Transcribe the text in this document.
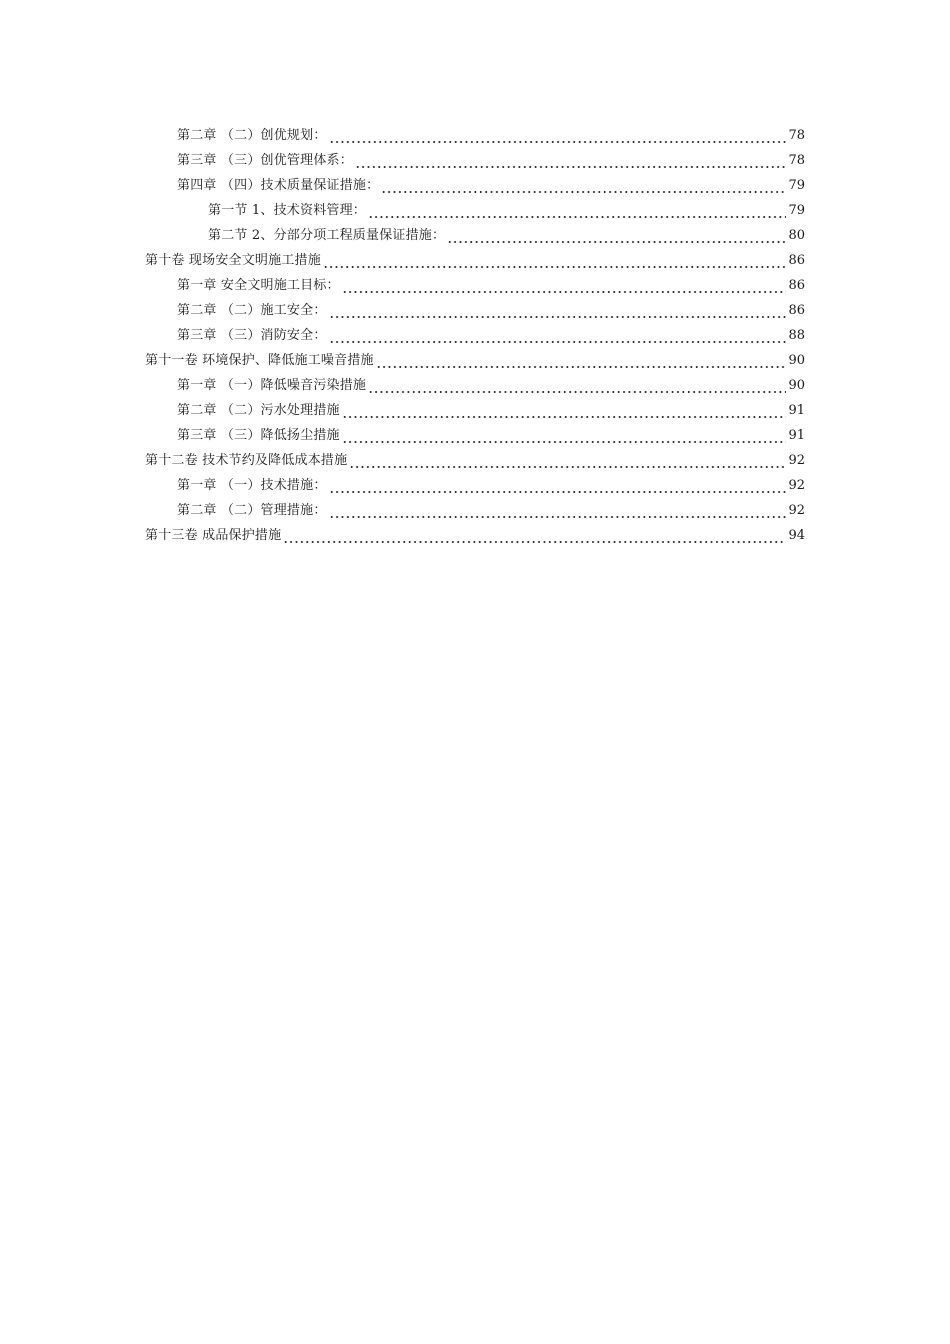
第二章 （二）创优规划：	78
第三章 （三）创优管理体系：	78
第四章 （四）技术质量保证措施：	79
第一节 1、技术资料管理：	79
第二节 2、分部分项工程质量保证措施：	80
第十卷 现场安全文明施工措施	86
第一章 安全文明施工目标：	86
第二章 （二）施工安全：	86
第三章 （三）消防安全：	88
第十一卷 环境保护、降低施工噪音措施	90
第一章 （一）降低噪音污染措施	90
第二章 （二）污水处理措施	91
第三章 （三）降低扬尘措施	91
第十二卷 技术节约及降低成本措施	92
第一章 （一）技术措施：	92
第二章 （二）管理措施：	92
第十三卷 成品保护措施	94
